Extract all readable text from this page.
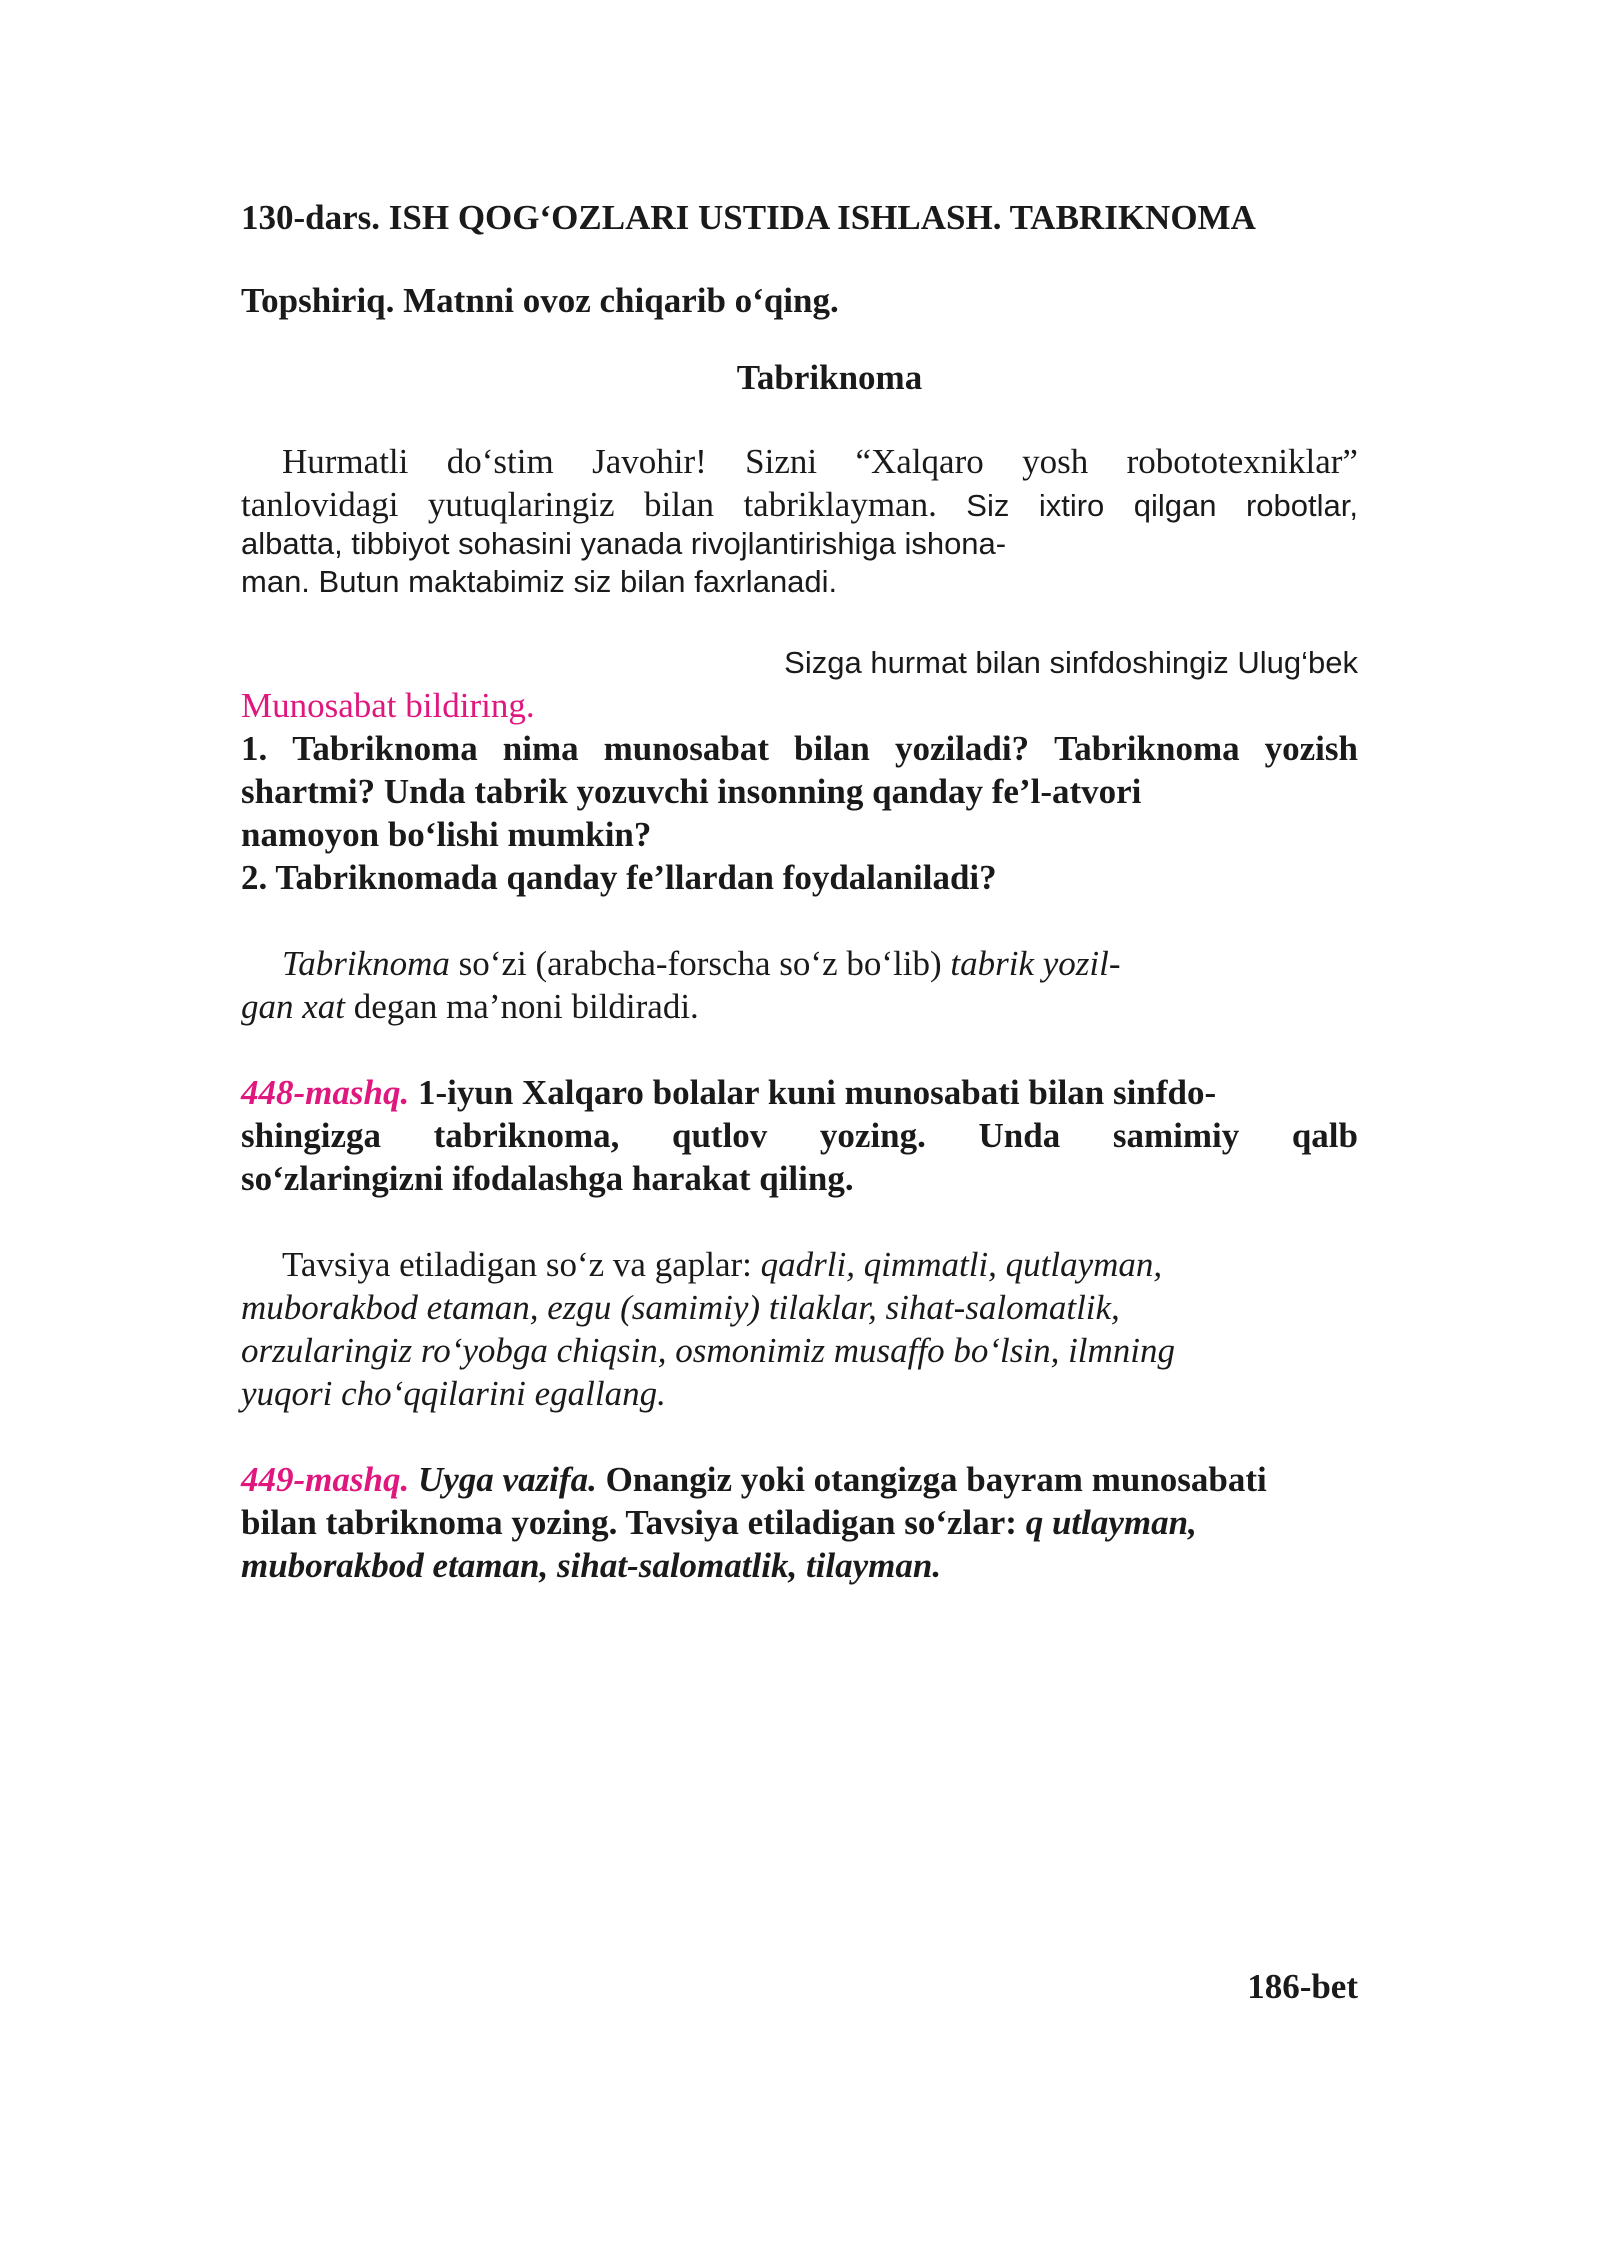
130-dars. ISH QOG‘OZLARI USTIDA ISHLASH. TABRIKNOMA
Topshiriq. Matnni ovoz chiqarib o‘qing.
Tabriknoma
Hurmatli do‘stim Javohir! Sizni “Xalqaro yosh robototexniklar”
tanlovidagi yutuqlaringiz bilan tabriklayman. Siz ixtiro qilgan robotlar,
albatta, tibbiyot sohasini yanada rivojlantirishiga ishona-
man. Butun maktabimiz siz bilan faxrlanadi.
Sizga hurmat bilan sinfdoshingiz Ulug‘bek
Munosabat bildiring.
1. Tabriknoma nima munosabat bilan yoziladi? Tabriknoma yozish
shartmi? Unda tabrik yozuvchi insonning qanday fe’l-atvori
namoyon bo‘lishi mumkin?
2. Tabriknomada qanday fe’llardan foydalaniladi?
Tabriknoma so‘zi (arabcha-forscha so‘z bo‘lib) tabrik yozil-
gan xat degan ma’noni bildiradi.
448-mashq. 1-iyun Xalqaro bolalar kuni munosabati bilan sinfdo-
shingizga tabriknoma, qutlov yozing. Unda samimiy qalb
so‘zlaringizni ifodalashga harakat qiling.
Tavsiya etiladigan so‘z va gaplar: qadrli, qimmatli, qutlayman,
muborakbod etaman, ezgu (samimiy) tilaklar, sihat-salomatlik,
orzularingiz ro‘yobga chiqsin, osmonimiz musaffo bo‘lsin, ilmning
yuqori cho‘qqilarini egallang.
449-mashq. Uyga vazifa. Onangiz yoki otangizga bayram munosabati
bilan tabriknoma yozing. Tavsiya etiladigan so‘zlar: q utlayman,
muborakbod etaman, sihat-salomatlik, tilayman.
186-bet
